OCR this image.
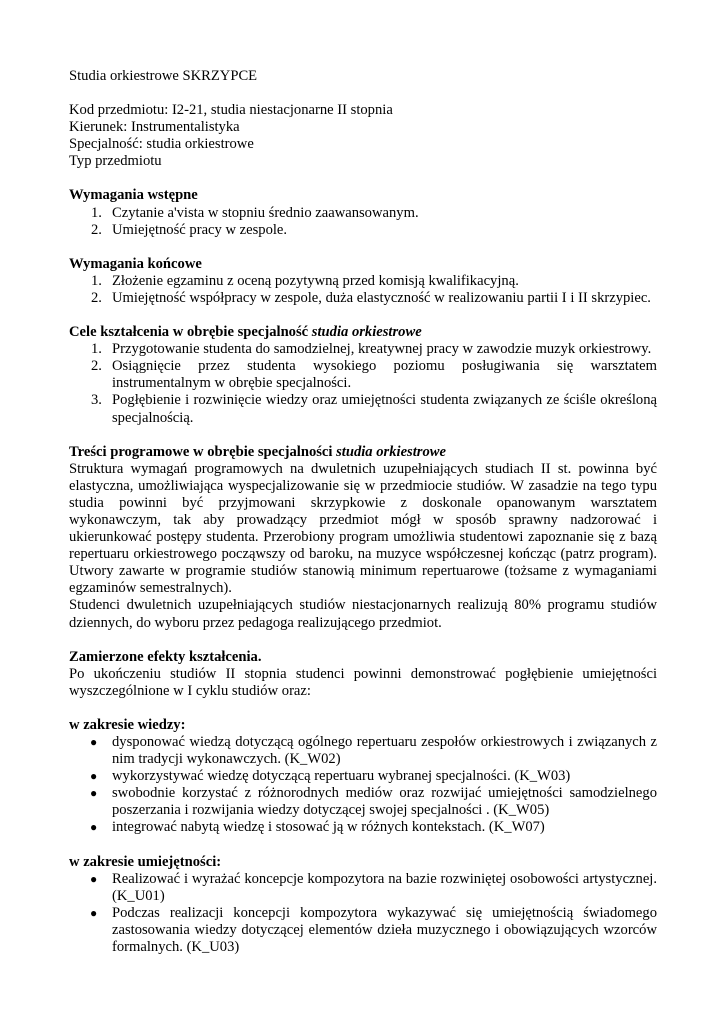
Studia orkiestrowe SKRZYPCE

Kod przedmiotu: I2-21, studia niestacjonarne II stopnia

Kierunek: Instrumentalistyka

Specjalność: studia orkiestrowe

Typ przedmiotu

Wymagania wstępne

1. Czytanie a'vista w stopniu średnio zaawansowanym.
2. Umiejętność pracy w zespole.

Wymagania końcowe

1. Złożenie egzaminu z oceną pozytywną przed komisją kwalifikacyjną.
2. Umiejętność współpracy w zespole, duża elastyczność w realizowaniu partii I i II skrzypiec.

Cele kształcenia w obrębie specjalność studia orkiestrowe

1. Przygotowanie studenta do samodzielnej, kreatywnej pracy w zawodzie muzyk orkiestrowy.
2. Osiągnięcie przez studenta wysokiego poziomu posługiwania się warsztatem instrumentalnym w obrębie specjalności.
3. Pogłębienie i rozwinięcie wiedzy oraz umiejętności studenta związanych ze ściśle określoną specjalnością.

Treści programowe w obrębie specjalności studia orkiestrowe

Struktura wymagań programowych na dwuletnich uzupełniających studiach II st. powinna być elastyczna, umożliwiająca wyspecjalizowanie się w przedmiocie studiów. W zasadzie na tego typu studia powinni być przyjmowani skrzypkowie z doskonale opanowanym warsztatem wykonawczym, tak aby prowadzący przedmiot mógł w sposób sprawny nadzorować i ukierunkować postępy studenta. Przerobiony program umożliwia studentowi zapoznanie się z bazą repertuaru orkiestrowego począwszy od baroku, na muzyce współczesnej kończąc (patrz program). Utwory zawarte w programie studiów stanowią minimum repertuarowe (tożsame z wymaganiami egzaminów semestralnych).

Studenci dwuletnich uzupełniających studiów niestacjonarnych realizują 80% programu studiów dziennych, do wyboru przez pedagoga realizującego przedmiot.

Zamierzone efekty kształcenia.

Po ukończeniu studiów II stopnia studenci powinni demonstrować pogłębienie umiejętności wyszczególnione w I cyklu studiów oraz:

w zakresie wiedzy:

● dysponować wiedzą dotyczącą ogólnego repertuaru zespołów orkiestrowych i związanych z nim tradycji wykonawczych. (K_W02)
● wykorzystywać wiedzę dotyczącą repertuaru wybranej specjalności. (K_W03)
● swobodnie korzystać z różnorodnych mediów oraz rozwijać umiejętności samodzielnego poszerzania i rozwijania wiedzy dotyczącej swojej specjalności . (K_W05)
● integrować nabytą wiedzę i stosować ją w różnych kontekstach. (K_W07)

w zakresie umiejętności:

● Realizować i wyrażać koncepcje kompozytora na bazie rozwiniętej osobowości artystycznej. (K_U01)
● Podczas realizacji koncepcji kompozytora wykazywać się umiejętnością świadomego zastosowania wiedzy dotyczącej elementów dzieła muzycznego i obowiązujących wzorców formalnych. (K_U03)
